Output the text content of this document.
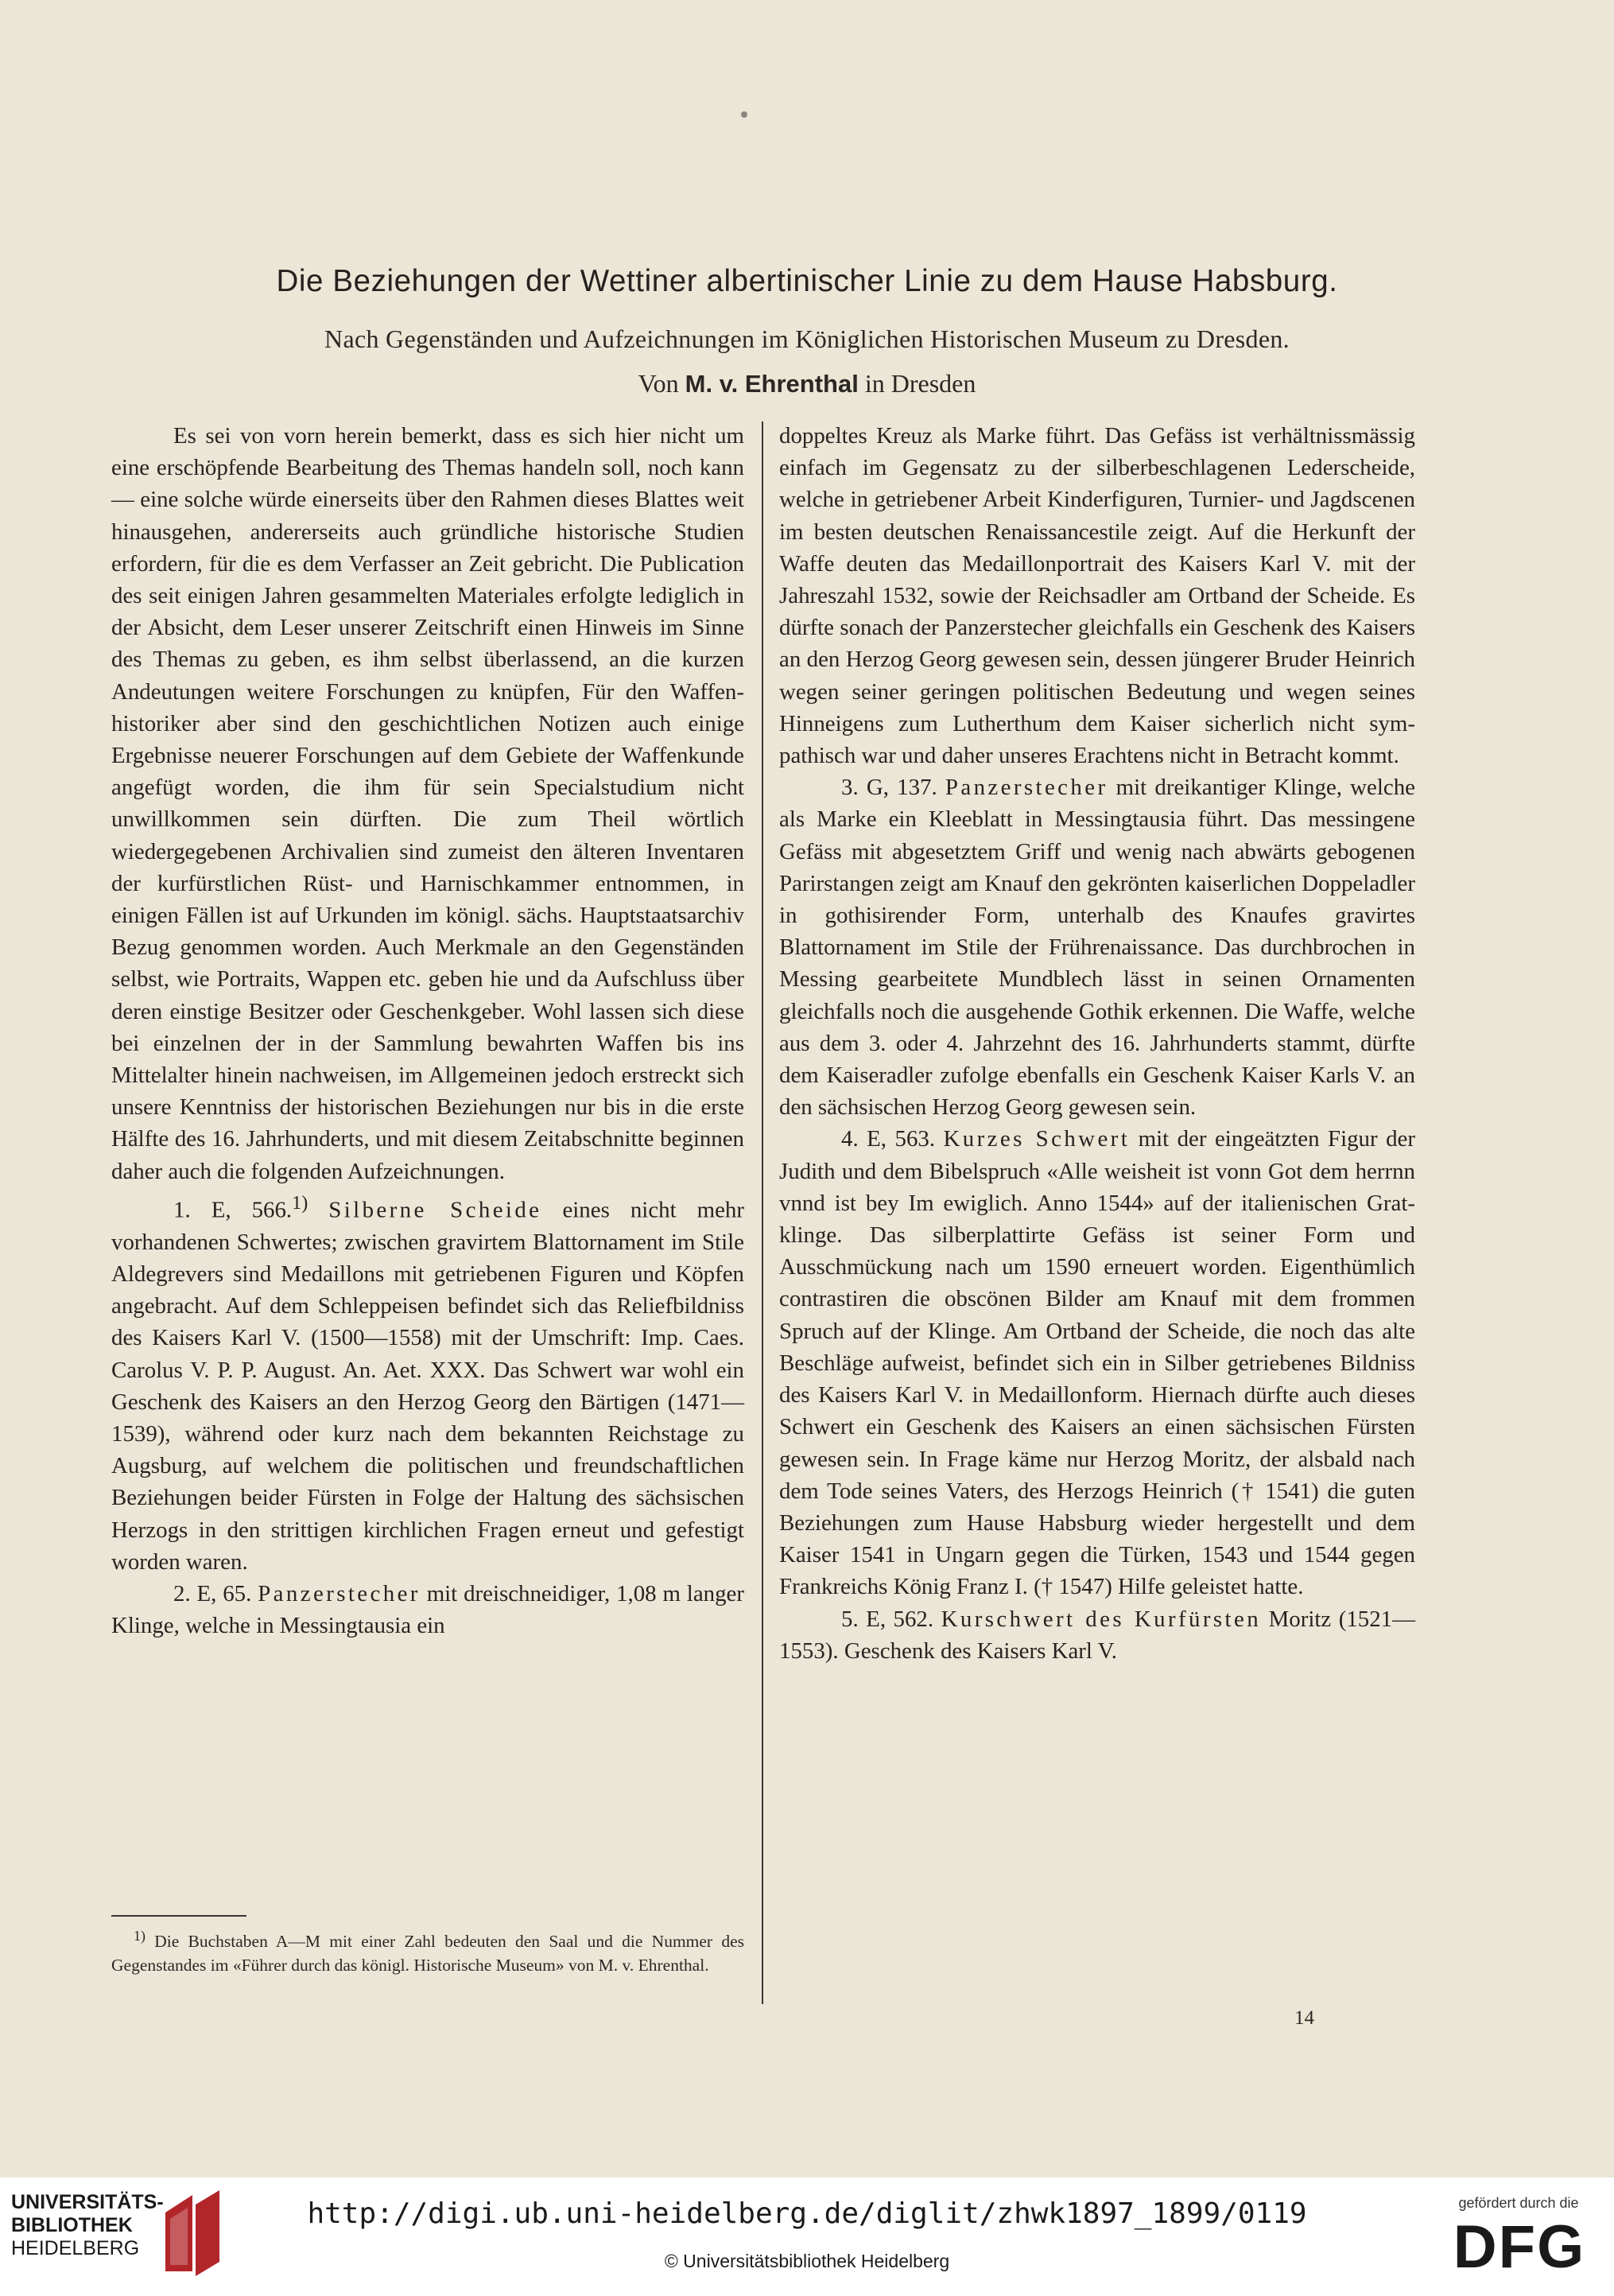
Die Beziehungen der Wettiner albertinischer Linie zu dem Hause Habsburg.
Nach Gegenständen und Aufzeichnungen im Königlichen Historischen Museum zu Dresden.
Von M. v. Ehrenthal in Dresden

Es sei von vorn herein bemerkt, dass es sich hier nicht um eine erschöpfende Bearbeitung des Themas handeln soll, noch kann — eine solche würde einerseits über den Rahmen dieses Blattes weit hinausgehen, andererseits auch gründliche historische Studien erfordern, für die es dem Verfasser an Zeit gebricht. Die Publication des seit einigen Jahren gesammelten Materiales erfolgte lediglich in der Absicht, dem Leser unserer Zeitschrift einen Hinweis im Sinne des Themas zu geben, es ihm selbst überlassend, an die kurzen Andeutungen weitere Forschungen zu knüpfen, Für den Waffenhistoriker aber sind den geschichtlichen Notizen auch einige Ergebnisse neuerer Forschungen auf dem Gebiete der Waffenkunde angefügt worden, die ihm für sein Specialstudium nicht unwillkommen sein dürften. Die zum Theil wörtlich wiedergegebenen Archivalien sind zumeist den älteren Inventaren der kurfürstlichen Rüst- und Harnischkammer entnommen, in einigen Fällen ist auf Urkunden im königl. sächs. Hauptstaatsarchiv Bezug genommen worden. Auch Merkmale an den Gegenständen selbst, wie Portraits, Wappen etc. geben hie und da Aufschluss über deren einstige Besitzer oder Geschenkgeber. Wohl lassen sich diese bei einzelnen der in der Sammlung bewahrten Waffen bis ins Mittelalter hinein nachweisen, im Allgemeinen jedoch erstreckt sich unsere Kenntniss der historischen Beziehungen nur bis in die erste Hälfte des 16. Jahrhunderts, und mit diesem Zeitabschnitte beginnen daher auch die folgenden Aufzeichnungen.

1. E, 566.$^{1)}$ Silberne Scheide eines nicht mehr vorhandenen Schwertes; zwischen gravirtem Blattornament im Stile Aldegrevers sind Medaillons mit getriebenen Figuren und Köpfen angebracht. Auf dem Schleppeisen befindet sich das Reliefbildniss des Kaisers Karl V. (1500—1558) mit der Umschrift: Imp. Caes. Carolus V. P. P. August. An. Aet. XXX. Das Schwert war wohl ein Geschenk des Kaisers an den Herzog Georg den Bärtigen (1471—1539), während oder kurz nach dem bekannten Reichstage zu Augsburg, auf welchem die politischen und freundschaftlichen Beziehungen beider Fürsten in Folge der Haltung des sächsischen Herzogs in den strittigen kirchlichen Fragen erneut und gefestigt worden waren.

2. E, 65. Panzerstecher mit dreischneidiger, 1,08 m langer Klinge, welche in Messingtausia ein

doppeltes Kreuz als Marke führt. Das Gefäss ist verhältnissmässig einfach im Gegensatz zu der silberbeschlagenen Lederscheide, welche in getriebener Arbeit Kinderfiguren, Turnier- und Jagdscenen im besten deutschen Renaissancestile zeigt. Auf die Herkunft der Waffe deuten das Medaillonportrait des Kaisers Karl V. mit der Jahreszahl 1532, sowie der Reichsadler am Ortband der Scheide. Es dürfte sonach der Panzerstecher gleichfalls ein Geschenk des Kaisers an den Herzog Georg gewesen sein, dessen jüngerer Bruder Heinrich wegen seiner geringen politischen Bedeutung und wegen seines Hinneigens zum Lutherthum dem Kaiser sicherlich nicht sympathisch war und daher unseres Erachtens nicht in Betracht kommt.

3. G, 137. Panzerstecher mit dreikantiger Klinge, welche als Marke ein Kleeblatt in Messingtausia führt. Das messingene Gefäss mit abgesetztem Griff und wenig nach abwärts gebogenen Parirstangen zeigt am Knauf den gekrönten kaiserlichen Doppeladler in gothisirender Form, unterhalb des Knaufes gravirtes Blattornament im Stile der Frührenaissance. Das durchbrochen in Messing gearbeitete Mundblech lässt in seinen Ornamenten gleichfalls noch die ausgehende Gothik erkennen. Die Waffe, welche aus dem 3. oder 4. Jahrzehnt des 16. Jahrhunderts stammt, dürfte dem Kaiseradler zufolge ebenfalls ein Geschenk Kaiser Karls V. an den sächsischen Herzog Georg gewesen sein.

4. E, 563. Kurzes Schwert mit der eingeätzten Figur der Judith und dem Bibelspruch «Alle weisheit ist vonn Got dem herrnn vnnd ist bey Im ewiglich. Anno 1544» auf der italienischen Gratklinge. Das silberplattirte Gefäss ist seiner Form und Ausschmückung nach um 1590 erneuert worden. Eigenthümlich contrastiren die obscönen Bilder am Knauf mit dem frommen Spruch auf der Klinge. Am Ortband der Scheide, die noch das alte Beschläge aufweist, befindet sich ein in Silber getriebenes Bildniss des Kaisers Karl V. in Medaillonform. Hiernach dürfte auch dieses Schwert ein Geschenk des Kaisers an einen sächsischen Fürsten gewesen sein. In Frage käme nur Herzog Moritz, der alsbald nach dem Tode seines Vaters, des Herzogs Heinrich († 1541) die guten Beziehungen zum Hause Habsburg wieder hergestellt und dem Kaiser 1541 in Ungarn gegen die Türken, 1543 und 1544 gegen Frankreichs König Franz I. († 1547) Hilfe geleistet hatte.

5. E, 562. Kurschwert des Kurfürsten Moritz (1521—1553). Geschenk des Kaisers Karl V.

$^{1)}$ Die Buchstaben A—M mit einer Zahl bedeuten den Saal und die Nummer des Gegenstandes im «Führer durch das königl. Historische Museum» von M. v. Ehrenthal.
14
UNIVERSITÄTS-
BIBLIOTHEK
HEIDELBERG
http://digi.ub.uni-heidelberg.de/diglit/zhwk1897_1899/0119
© Universitätsbibliothek Heidelberg
gefördert durch die
DFG
